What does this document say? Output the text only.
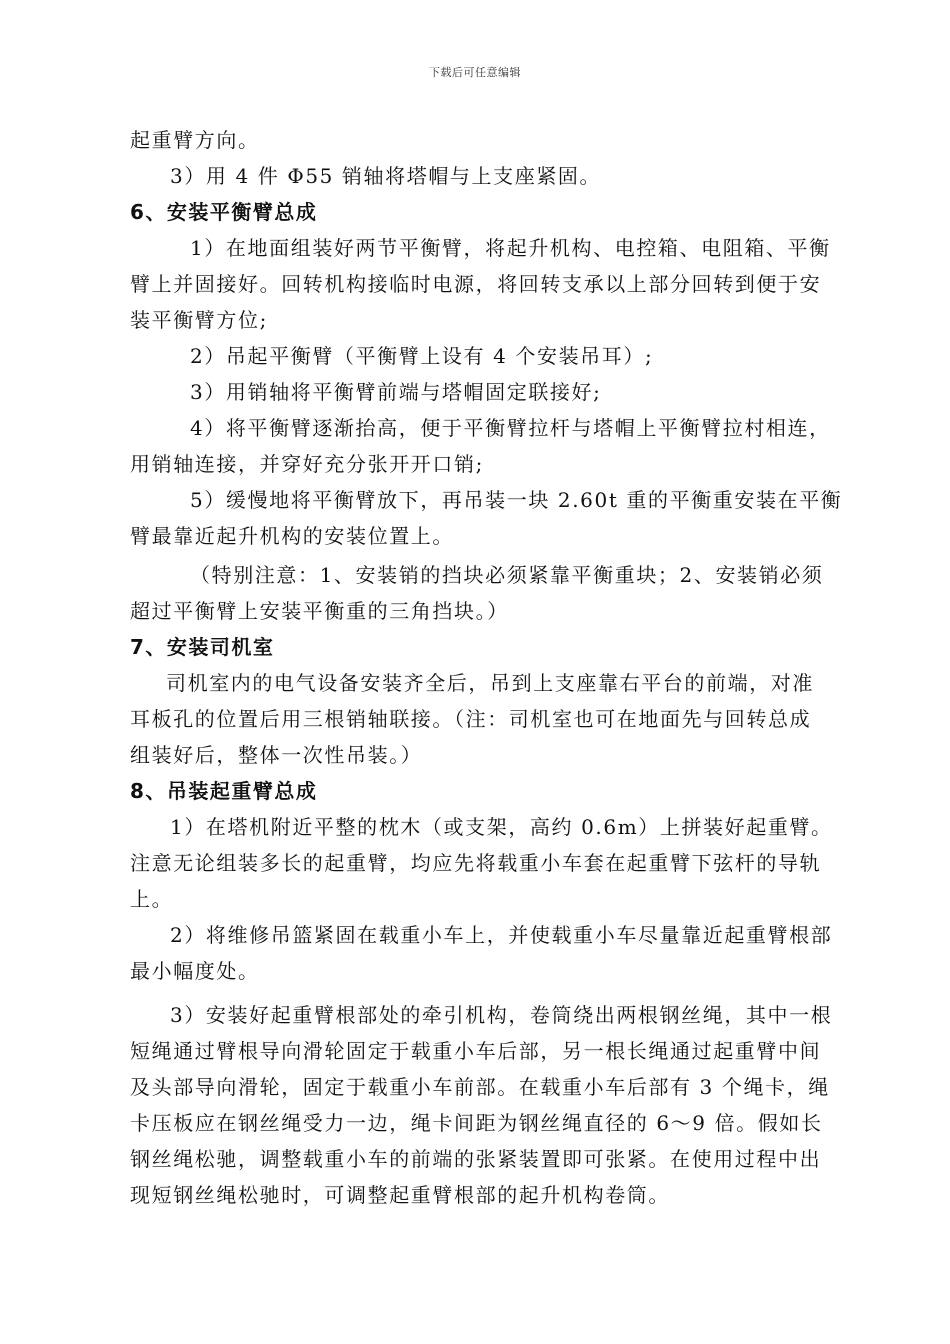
下载后可任意编辑
起重臂方向。
3）用 4 件 Φ55 销轴将塔帽与上支座紧固。
6、安装平衡臂总成
1）在地面组装好两节平衡臂，将起升机构、电控箱、电阻箱、平衡
臂上并固接好。回转机构接临时电源，将回转支承以上部分回转到便于安
装平衡臂方位;
2）吊起平衡臂（平衡臂上设有 4 个安装吊耳）;
3）用销轴将平衡臂前端与塔帽固定联接好;
4）将平衡臂逐渐抬高，便于平衡臂拉杆与塔帽上平衡臂拉村相连，
用销轴连接，并穿好充分张开开口销;
5）缓慢地将平衡臂放下，再吊装一块 2.60t 重的平衡重安装在平衡
臂最靠近起升机构的安装位置上。
（特别注意：1、安装销的挡块必须紧靠平衡重块；2、安装销必须
超过平衡臂上安装平衡重的三角挡块。）
7、安装司机室
司机室内的电气设备安装齐全后，吊到上支座靠右平台的前端，对准
耳板孔的位置后用三根销轴联接。（注：司机室也可在地面先与回转总成
组装好后，整体一次性吊装。）
8、吊装起重臂总成
1）在塔机附近平整的枕木（或支架，高约 0.6m）上拼装好起重臂。
注意无论组装多长的起重臂，均应先将载重小车套在起重臂下弦杆的导轨
上。
2）将维修吊篮紧固在载重小车上，并使载重小车尽量靠近起重臂根部
最小幅度处。
3）安装好起重臂根部处的牵引机构，卷筒绕出两根钢丝绳，其中一根
短绳通过臂根导向滑轮固定于载重小车后部，另一根长绳通过起重臂中间
及头部导向滑轮，固定于载重小车前部。在载重小车后部有 3 个绳卡，绳
卡压板应在钢丝绳受力一边，绳卡间距为钢丝绳直径的 6～9 倍。假如长
钢丝绳松驰，调整载重小车的前端的张紧装置即可张紧。在使用过程中出
现短钢丝绳松驰时，可调整起重臂根部的起升机构卷筒。
